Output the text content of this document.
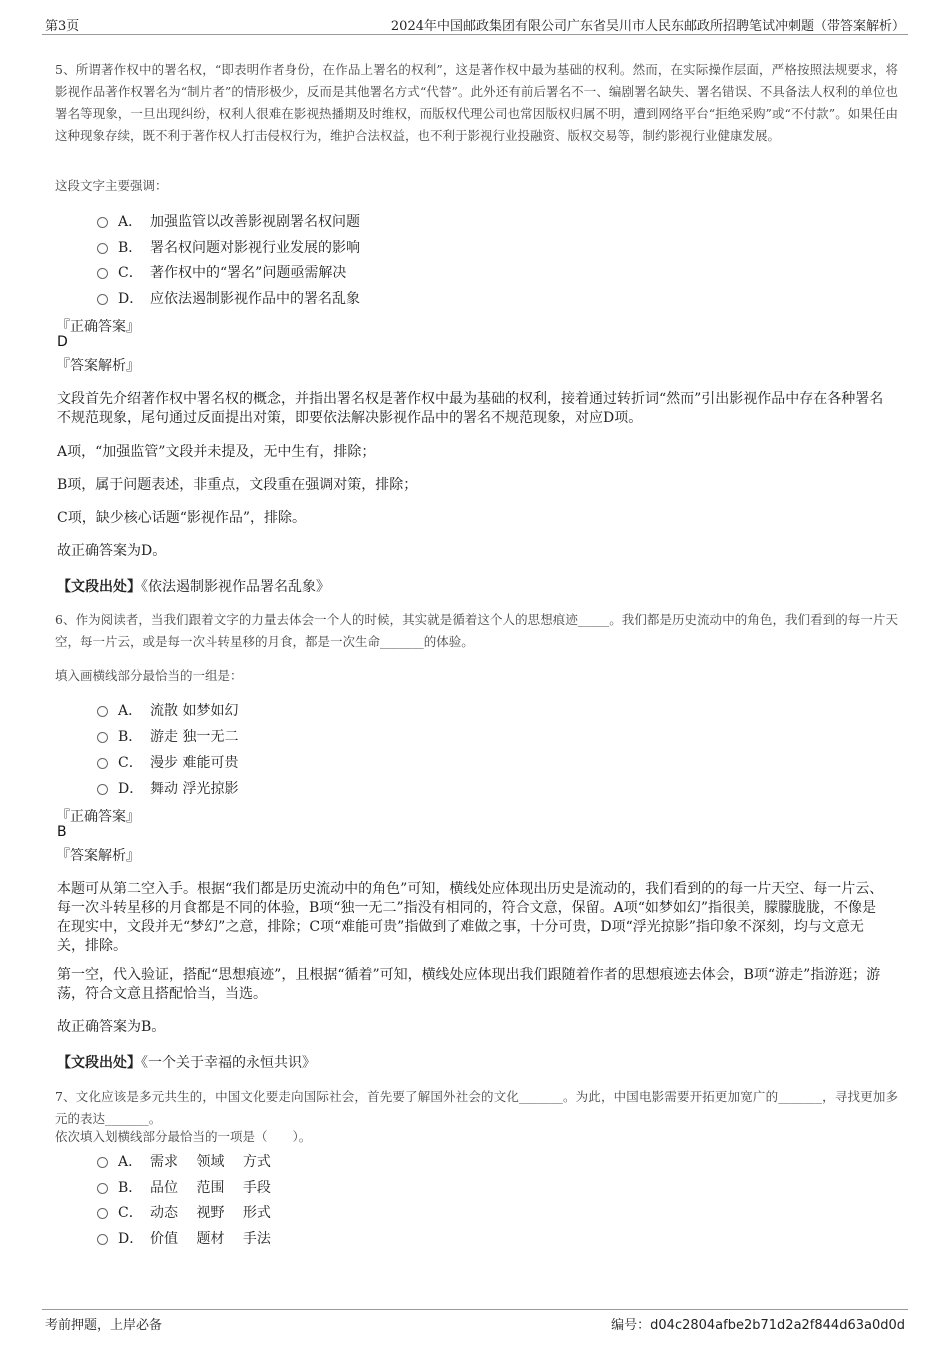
第3页	2024年中国邮政集团有限公司广东省吴川市人民东邮政所招聘笔试冲刺题（带答案解析）
5、所谓著作权中的署名权，“即表明作者身份，在作品上署名的权利”，这是著作权中最为基础的权利。然而，在实际操作层面，严格按照法规要求，将影视作品著作权署名为“制片者”的情形极少，反而是其他署名方式“代替”。此外还有前后署名不一、编剧署名缺失、署名错误、不具备法人权利的单位也署名等现象，一旦出现纠纷，权利人很难在影视热播期及时维权，而版权代理公司也常因版权归属不明，遭到网络平台“拒绝采购”或“不付款”。如果任由这种现象存续，既不利于著作权人打击侵权行为，维护合法权益，也不利于影视行业投融资、版权交易等，制约影视行业健康发展。
这段文字主要强调：
A． 加强监管以改善影视剧署名权问题
B． 署名权问题对影视行业发展的影响
C． 著作权中的“署名”问题亟需解决
D． 应依法遏制影视作品中的署名乱象
『正确答案』
D
『答案解析』
文段首先介绍著作权中署名权的概念，并指出署名权是著作权中最为基础的权利，接着通过转折词“然而”引出影视作品中存在各种署名不规范现象，尾句通过反面提出对策，即要依法解决影视作品中的署名不规范现象，对应D项。
A项，“加强监管”文段并未提及，无中生有，排除；
B项，属于问题表述，非重点，文段重在强调对策，排除；
C项，缺少核心话题“影视作品”，排除。
故正确答案为D。
【文段出处】《依法遏制影视作品署名乱象》
6、作为阅读者，当我们跟着文字的力量去体会一个人的时候，其实就是循着这个人的思想痕迹_____。我们都是历史流动中的角色，我们看到的每一片天空，每一片云，或是每一次斗转星移的月食，都是一次生命_______的体验。
填入画横线部分最恰当的一组是：
A． 流散 如梦如幻
B． 游走 独一无二
C． 漫步 难能可贵
D． 舞动 浮光掠影
『正确答案』
B
『答案解析』
本题可从第二空入手。根据“我们都是历史流动中的角色”可知，横线处应体现出历史是流动的，我们看到的的每一片天空、每一片云、每一次斗转星移的月食都是不同的体验，B项“独一无二”指没有相同的，符合文意，保留。A项“如梦如幻”指很美，朦朦胧胧，不像是在现实中，文段并无“梦幻”之意，排除；C项“难能可贵”指做到了难做之事，十分可贵，D项“浮光掠影”指印象不深刻，均与文意无关，排除。
第一空，代入验证，搭配“思想痕迹”，且根据“循着”可知，横线处应体现出我们跟随着作者的思想痕迹去体会，B项“游走”指游逛；游荡，符合文意且搭配恰当，当选。
故正确答案为B。
【文段出处】《一个关于幸福的永恒共识》
7、文化应该是多元共生的，中国文化要走向国际社会，首先要了解国外社会的文化_______。为此，中国电影需要开拓更加宽广的_______，寻找更加多元的表达_______。
依次填入划横线部分最恰当的一项是（　　）。
A． 需求　 领域　 方式
B． 品位　 范围　 手段
C． 动态　 视野　 形式
D． 价值　 题材　 手法
考前押题，上岸必备	编号：d04c2804afbe2b71d2a2f844d63a0d0d
